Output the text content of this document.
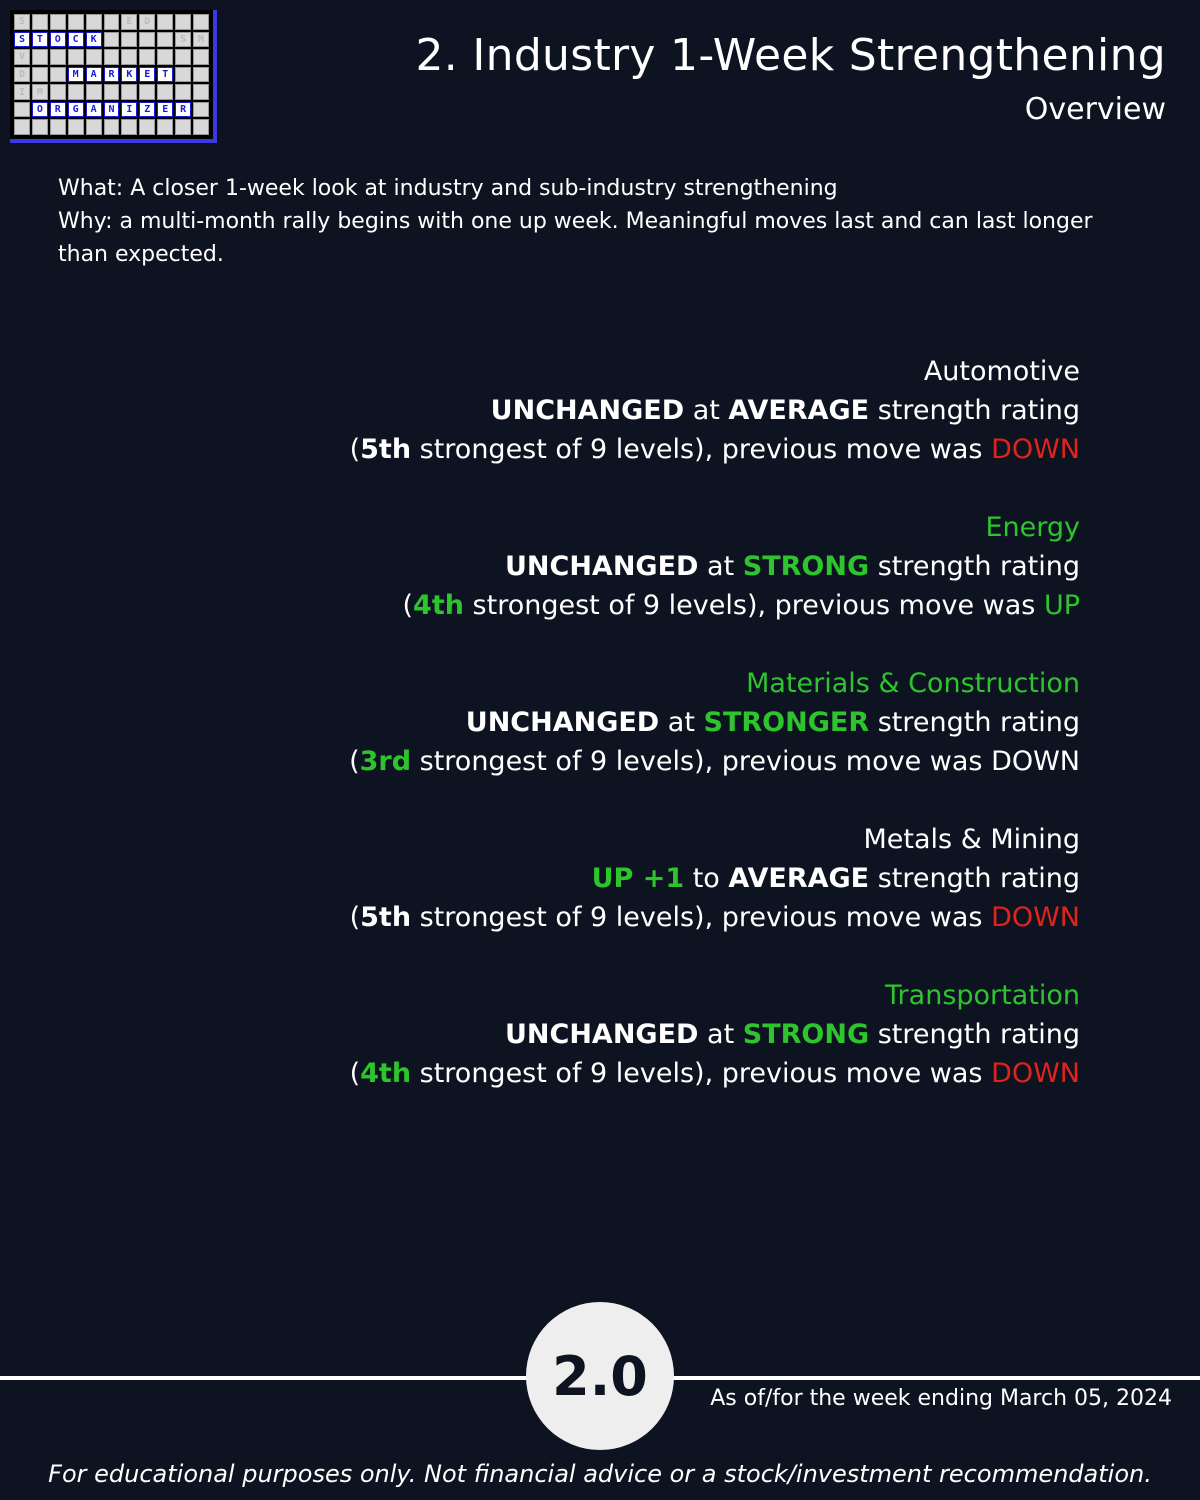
S	E	D
S	T	O	C	K	S	M
V
D	M	A	R	K	E	T
I	M
O	R	G	A	N	I	Z	E	R
2. Industry 1-Week Strengthening
Overview
What: A closer 1-week look at industry and sub-industry strengthening
Why: a multi-month rally begins with one up week. Meaningful moves last and can last longer than expected.
Automotive
UNCHANGED at AVERAGE strength rating
(5th strongest of 9 levels), previous move was DOWN
Energy
UNCHANGED at STRONG strength rating
(4th strongest of 9 levels), previous move was UP
Materials & Construction
UNCHANGED at STRONGER strength rating
(3rd strongest of 9 levels), previous move was DOWN
Metals & Mining
UP +1 to AVERAGE strength rating
(5th strongest of 9 levels), previous move was DOWN
Transportation
UNCHANGED at STRONG strength rating
(4th strongest of 9 levels), previous move was DOWN
2.0	As of/for the week ending March 05, 2024
For educational purposes only. Not financial advice or a stock/investment recommendation.
